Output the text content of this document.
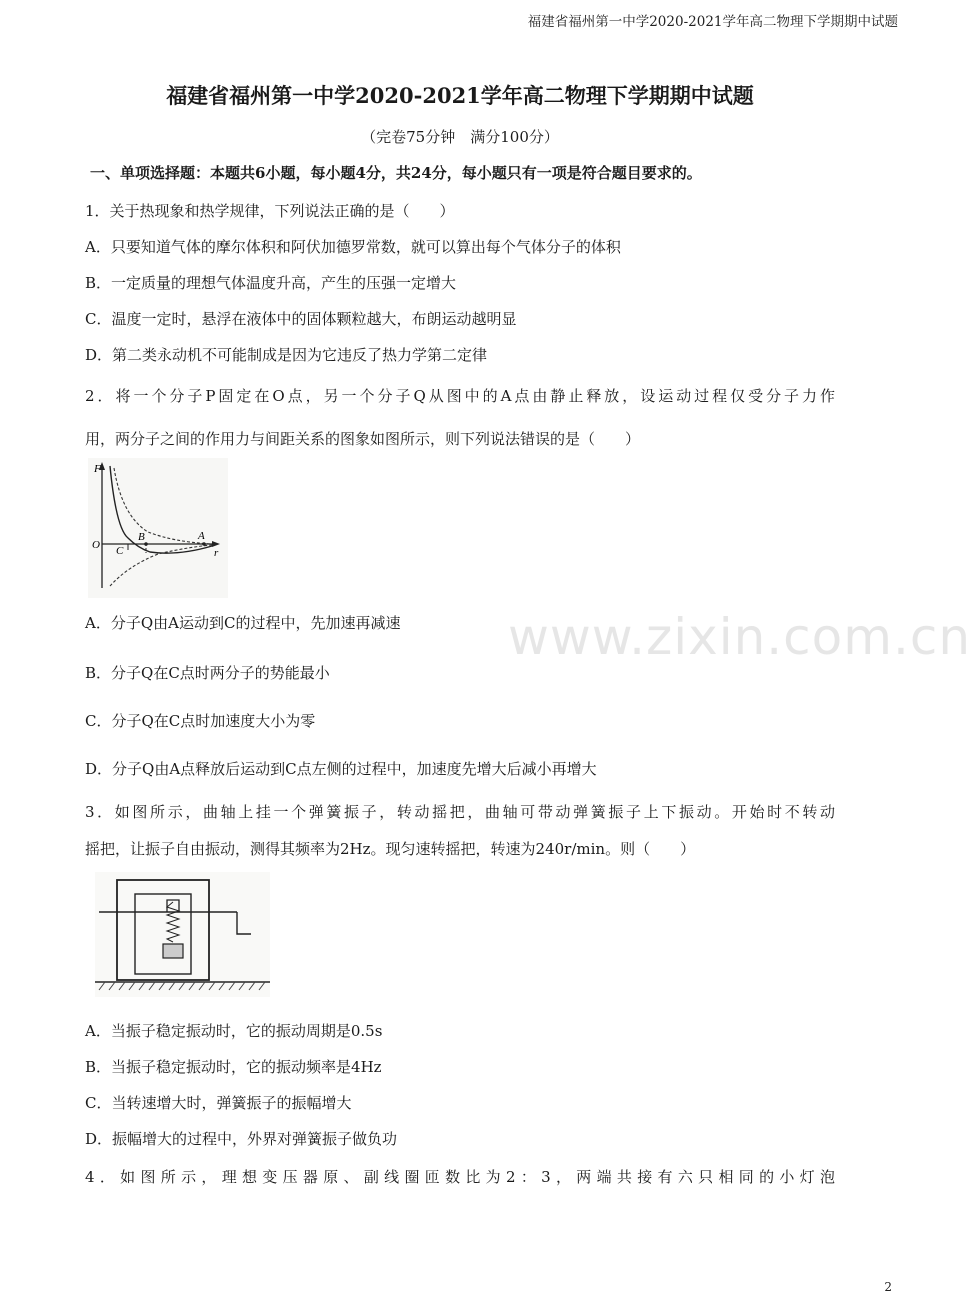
福建省福州第一中学2020-2021学年高二物理下学期期中试题
www.zixin.com.cn
福建省福州第一中学2020-2021学年高二物理下学期期中试题
（完卷75分钟　满分100分）
一、单项选择题：本题共6小题，每小题4分，共24分，每小题只有一项是符合题目要求的。
1．关于热现象和热学规律，下列说法正确的是（　　）
A．只要知道气体的摩尔体积和阿伏加德罗常数，就可以算出每个气体分子的体积
B．一定质量的理想气体温度升高，产生的压强一定增大
C．温度一定时，悬浮在液体中的固体颗粒越大，布朗运动越明显
D．第二类永动机不可能制成是因为它违反了热力学第二定律
2．将一个分子P固定在O点，另一个分子Q从图中的A点由静止释放，设运动过程仅受分子力作
用，两分子之间的作用力与间距关系的图象如图所示，则下列说法错误的是（　　）
F
O C
B	A
r
A．分子Q由A运动到C的过程中，先加速再减速
B．分子Q在C点时两分子的势能最小
C．分子Q在C点时加速度大小为零
D．分子Q由A点释放后运动到C点左侧的过程中，加速度先增大后减小再增大
3．如图所示，曲轴上挂一个弹簧振子，转动摇把，曲轴可带动弹簧振子上下振动。开始时不转动
摇把，让振子自由振动，测得其频率为2Hz。现匀速转摇把，转速为240r/min。则（　　）
A．当振子稳定振动时，它的振动周期是0.5s
B．当振子稳定振动时，它的振动频率是4Hz
C．当转速增大时，弹簧振子的振幅增大
D．振幅增大的过程中，外界对弹簧振子做负功
4．如图所示，理想变压器原、副线圈匝数比为2：3，两端共接有六只相同的小灯泡
2
